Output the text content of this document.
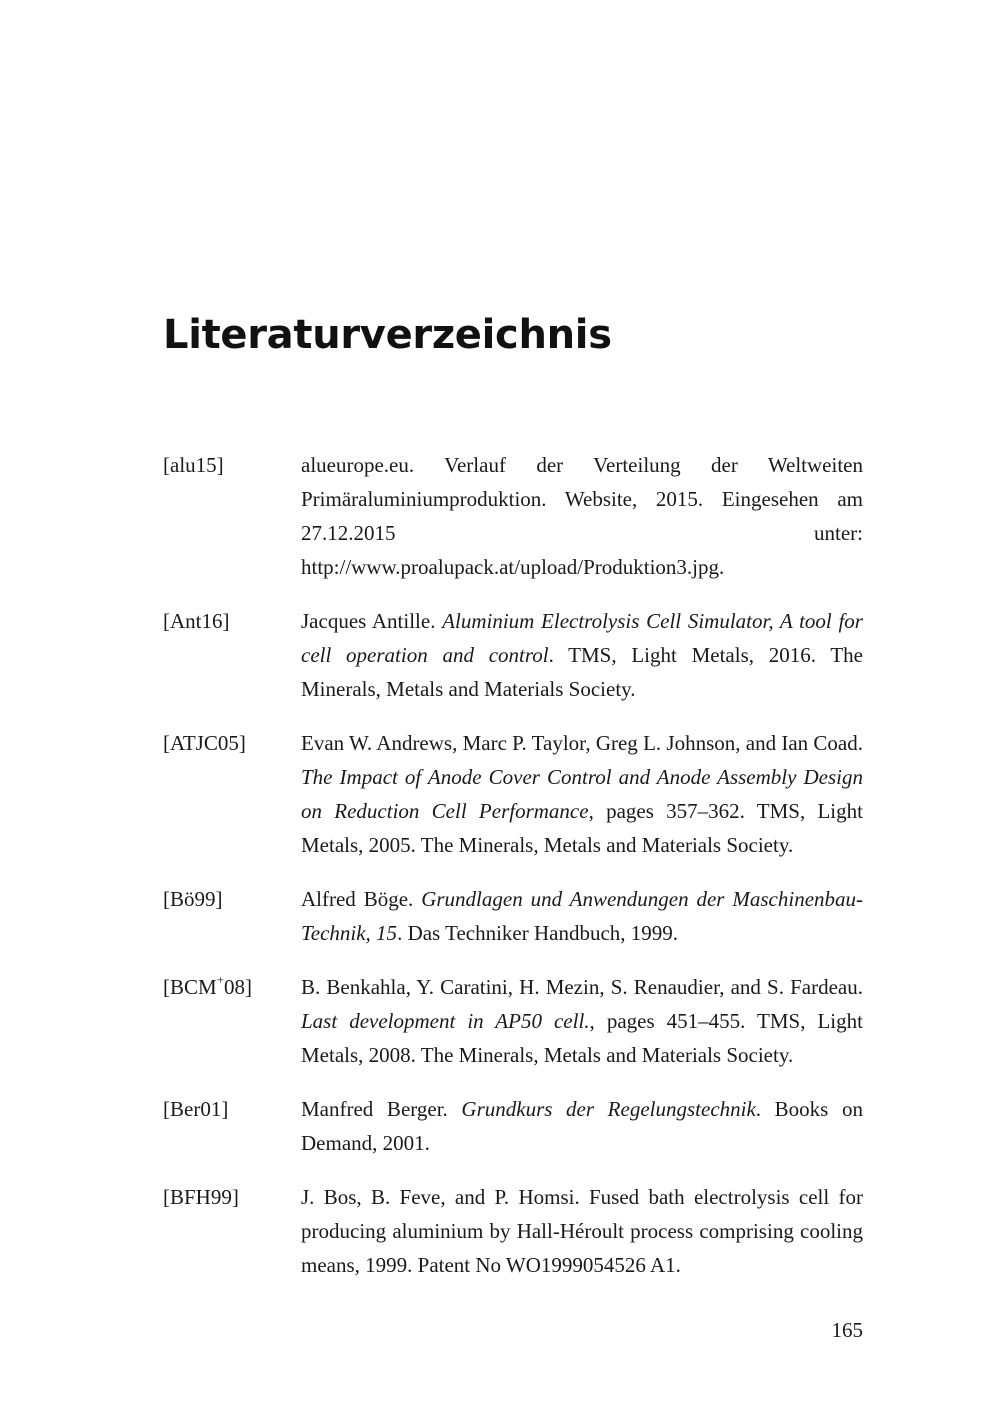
Literaturverzeichnis
[alu15]	alueurope.eu. Verlauf der Verteilung der Weltweiten Primäraluminiumproduktion. Website, 2015. Eingesehen am 27.12.2015 unter: http://www.proalupack.at/upload/Produktion3.jpg.
[Ant16]	Jacques Antille. Aluminium Electrolysis Cell Simulator, A tool for cell operation and control. TMS, Light Metals, 2016. The Minerals, Metals and Materials Society.
[ATJC05]	Evan W. Andrews, Marc P. Taylor, Greg L. Johnson, and Ian Coad. The Impact of Anode Cover Control and Anode Assembly Design on Reduction Cell Performance, pages 357–362. TMS, Light Metals, 2005. The Minerals, Metals and Materials Society.
[Bö99]	Alfred Böge. Grundlagen und Anwendungen der Maschinenbau-Technik, 15. Das Techniker Handbuch, 1999.
[BCM+08]	B. Benkahla, Y. Caratini, H. Mezin, S. Renaudier, and S. Fardeau. Last development in AP50 cell., pages 451–455. TMS, Light Metals, 2008. The Minerals, Metals and Materials Society.
[Ber01]	Manfred Berger. Grundkurs der Regelungstechnik. Books on Demand, 2001.
[BFH99]	J. Bos, B. Feve, and P. Homsi. Fused bath electrolysis cell for producing aluminium by Hall-Héroult process comprising cooling means, 1999. Patent No WO1999054526 A1.
165
